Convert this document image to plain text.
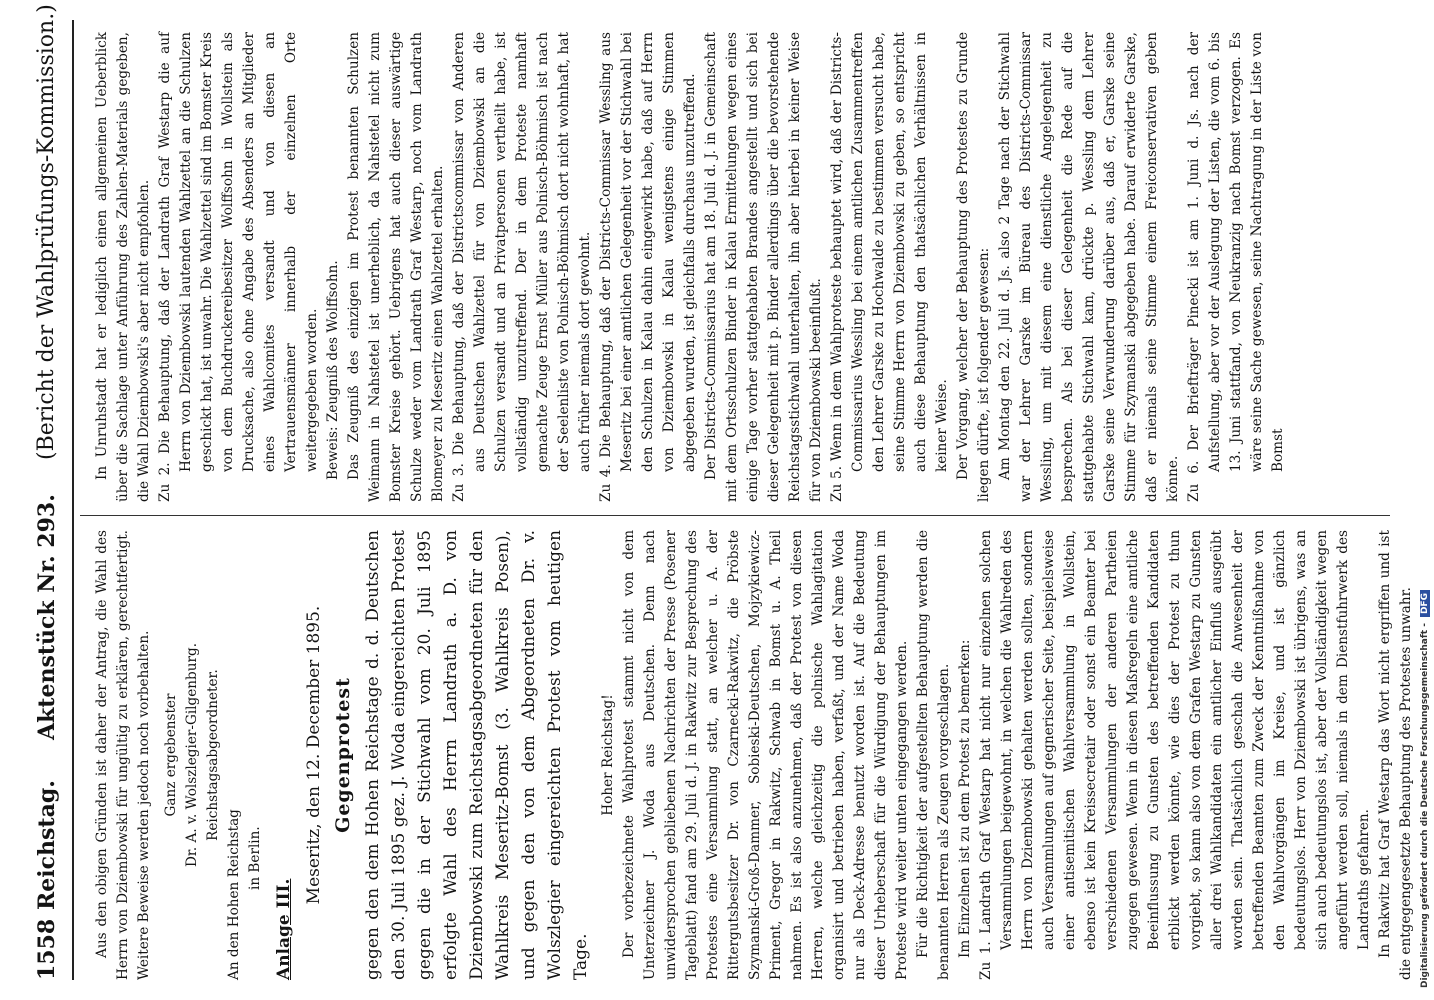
1558
Reichstag.
Aktenstück Nr. 293.
(Bericht der Wahlprüfungs-Kommission.)

Aus den obigen Gründen ist daher der Antrag, die Wahl des Herrn von Dziembowski für ungültig zu erklären, gerechtfertigt. Weitere Beweise werden jedoch noch vorbehalten. Ganz ergebenster Dr. A. v. Wolszlegier-Gilgenburg. Reichstagsabgeordneter.

An den Hohen Reichstag in Berlin.

Anlage III.

Meseritz, den 12. December 1895. Gegenprotest gegen den dem Hohen Reichstage d. d. Deutschen den 30. Juli 1895 gez. J. Woda eingereichten Protest gegen die in der Stichwahl vom 20. Juli 1895 erfolgte Wahl des Herrn Landrath a. D. von Dziembowski zum Reichstagsabgeordneten für den Wahlkreis Meseritz-Bomst (3. Wahlkreis Posen), und gegen den von dem Abgeordneten Dr. v. Wolszlegier eingereichten Protest vom heutigen Tage.

Hoher Reichstag! Der vorbezeichnete Wahlprotest stammt nicht von dem Unterzeichner J. Woda aus Deutschen. Denn nach unwidersprochen gebliebenen Nachrichten der Presse (Posener Tageblatt) fand am 29. Juli d. J. in Rakwitz zur Besprechung des Protestes eine Versammlung statt, an welcher u. A. der Rittergutsbesitzer Dr. von Czarnecki-Rakwitz, die Pröbste Szymanski-Groß-Dammer, Sobieski-Deutschen, Mojzykiewicz-Priment, Gregor in Rakwitz, Schwab in Bomst u. A. Theil nahmen. Es ist also anzunehmen, daß der Protest von diesen Herren, welche gleichzeitig die polnische Wahlagitation organisirt und betrieben haben, verfaßt, und der Name Woda nur als Deck-Adresse benutzt worden ist. Auf die Bedeutung dieser Urheberschaft für die Würdigung der Behauptungen im Proteste wird weiter unten eingegangen werden. Für die Richtigkeit der aufgestellten Behauptung werden die benannten Herren als Zeugen vorgeschlagen. Im Einzelnen ist zu dem Protest zu bemerken:

Zu 1. Landrath Graf Westarp hat nicht nur einzelnen solchen Versammlungen beigewohnt, in welchen die Wahlreden des Herrn von Dziembowski gehalten werden sollten, sondern auch Versammlungen auf gegnerischer Seite, beispielsweise einer antisemitischen Wahlversammlung in Wollstein, ebenso ist kein Kreissecretair oder sonst ein Beamter bei verschiedenen Versammlungen der anderen Partheien zugegen gewesen. Wenn in diesen Maßregeln eine amtliche Beeinflussung zu Gunsten des betreffenden Kandidaten erblickt werden könnte, wie dies der Protest zu thun vorgiebt, so kann also von dem Grafen Westarp zu Gunsten aller drei Wahlkandidaten ein amtlicher Einfluß ausgeübt worden sein. Thatsächlich geschah die Anwesenheit der betreffenden Beamten zum Zweck der Kenntnißnahme von den Wahlvorgängen im Kreise, und ist gänzlich bedeutungslos. Herr von Dziembowski ist übrigens, was an sich auch bedeutungslos ist, aber der Vollständigkeit wegen angeführt werden soll, niemals in dem Dienstfuhrwerk des Landraths gefahren. In Rakwitz hat Graf Westarp das Wort nicht ergriffen und ist die entgegengesetzte Behauptung des Protestes unwahr.

In Unruhstadt hat er lediglich einen allgemeinen Ueberblick über die Sachlage unter Anführung des Zahlen-Materials gegeben, die Wahl Dziembowski's aber nicht empfohlen. Zu 2. Die Behauptung, daß der Landrath Graf Westarp die auf Herrn von Dziembowski lautenden Wahlzettel an die Schulzen geschickt hat, ist unwahr. Die Wahlzettel sind im Bomster Kreis von dem Buchdruckereibesitzer Wolffsohn in Wollstein als Drucksache, also ohne Angabe des Absenders an Mitglieder eines Wahlcomites versandt und von diesen an Vertrauensmänner innerhalb der einzelnen Orte weitergegeben worden. Beweis: Zeugniß des Wolffsohn. Das Zeugniß des einzigen im Protest benannten Schulzen Weimann in Nahstetel ist unerheblich, da Nahstetel nicht zum Bomster Kreise gehört. Uebrigens hat auch dieser auswärtige Schulze weder vom Landrath Graf Westarp, noch vom Landrath Blomeyer zu Meseritz einen Wahlzettel erhalten. Zu 3. Die Behauptung, daß der Districtscommissar von Anderen aus Deutschen Wahlzettel für von Dziembowski an die Schulzen versandt und an Privatpersonen vertheilt habe, ist vollständig unzutreffend. Der in dem Proteste namhaft gemachte Zeuge Ernst Müller aus Polnisch-Böhmisch ist nach der Seelenliste von Polnisch-Böhmisch dort nicht wohnhaft, hat auch früher niemals dort gewohnt.

Zu 4. Die Behauptung, daß der Districts-Commissar Wessling aus Meseritz bei einer amtlichen Gelegenheit vor der Stichwahl bei den Schulzen in Kalau dahin eingewirkt habe, daß auf Herrn von Dziembowski in Kalau wenigstens einige Stimmen abgegeben wurden, ist gleichfalls durchaus unzutreffend. Der Districts-Commissarius hat am 18. Juli d. J. in Gemeinschaft mit dem Ortsschulzen Binder in Kalau Ermittelungen wegen eines einige Tage vorher stattgehabten Brandes angestellt und sich bei dieser Gelegenheit mit p. Binder allerdings über die bevorstehende Reichstagsstichwahl unterhalten, ihn aber hierbei in keiner Weise für von Dziembowski beeinflußt. Zu 5. Wenn in dem Wahlproteste behauptet wird, daß der Districts-Commissarius Wessling bei einem amtlichen Zusammentreffen den Lehrer Garske zu Hochwalde zu bestimmen versucht habe, seine Stimme Herrn von Dziembowski zu geben, so entspricht auch diese Behauptung den thatsächlichen Verhältnissen in keiner Weise. Der Vorgang, welcher der Behauptung des Protestes zu Grunde liegen dürfte, ist folgender gewesen: Am Montag den 22. Juli d. Js. also 2 Tage nach der Stichwahl war der Lehrer Garske im Büreau des Districts-Commissar Wessling, um mit diesem eine dienstliche Angelegenheit zu besprechen. Als bei dieser Gelegenheit die Rede auf die stattgehabte Stichwahl kam, drückte p. Wessling dem Lehrer Garske seine Verwunderung darüber aus, daß er, Garske seine Stimme für Szymanski abgegeben habe. Darauf erwiderte Garske, daß er niemals seine Stimme einem Freiconservativen geben könne. Zu 6. Der Briefträger Pinecki ist am 1. Juni d. Js. nach der Aufstellung, aber vor der Auslegung der Listen, die vom 6. bis 13. Juni stattfand, von Neukranzig nach Bomst verzogen. Es wäre seine Sache gewesen, seine Nachtragung in der Liste von Bomst

Digitalisierung gefördert durch die Deutsche Forschungsgemeinschaft -DFG
